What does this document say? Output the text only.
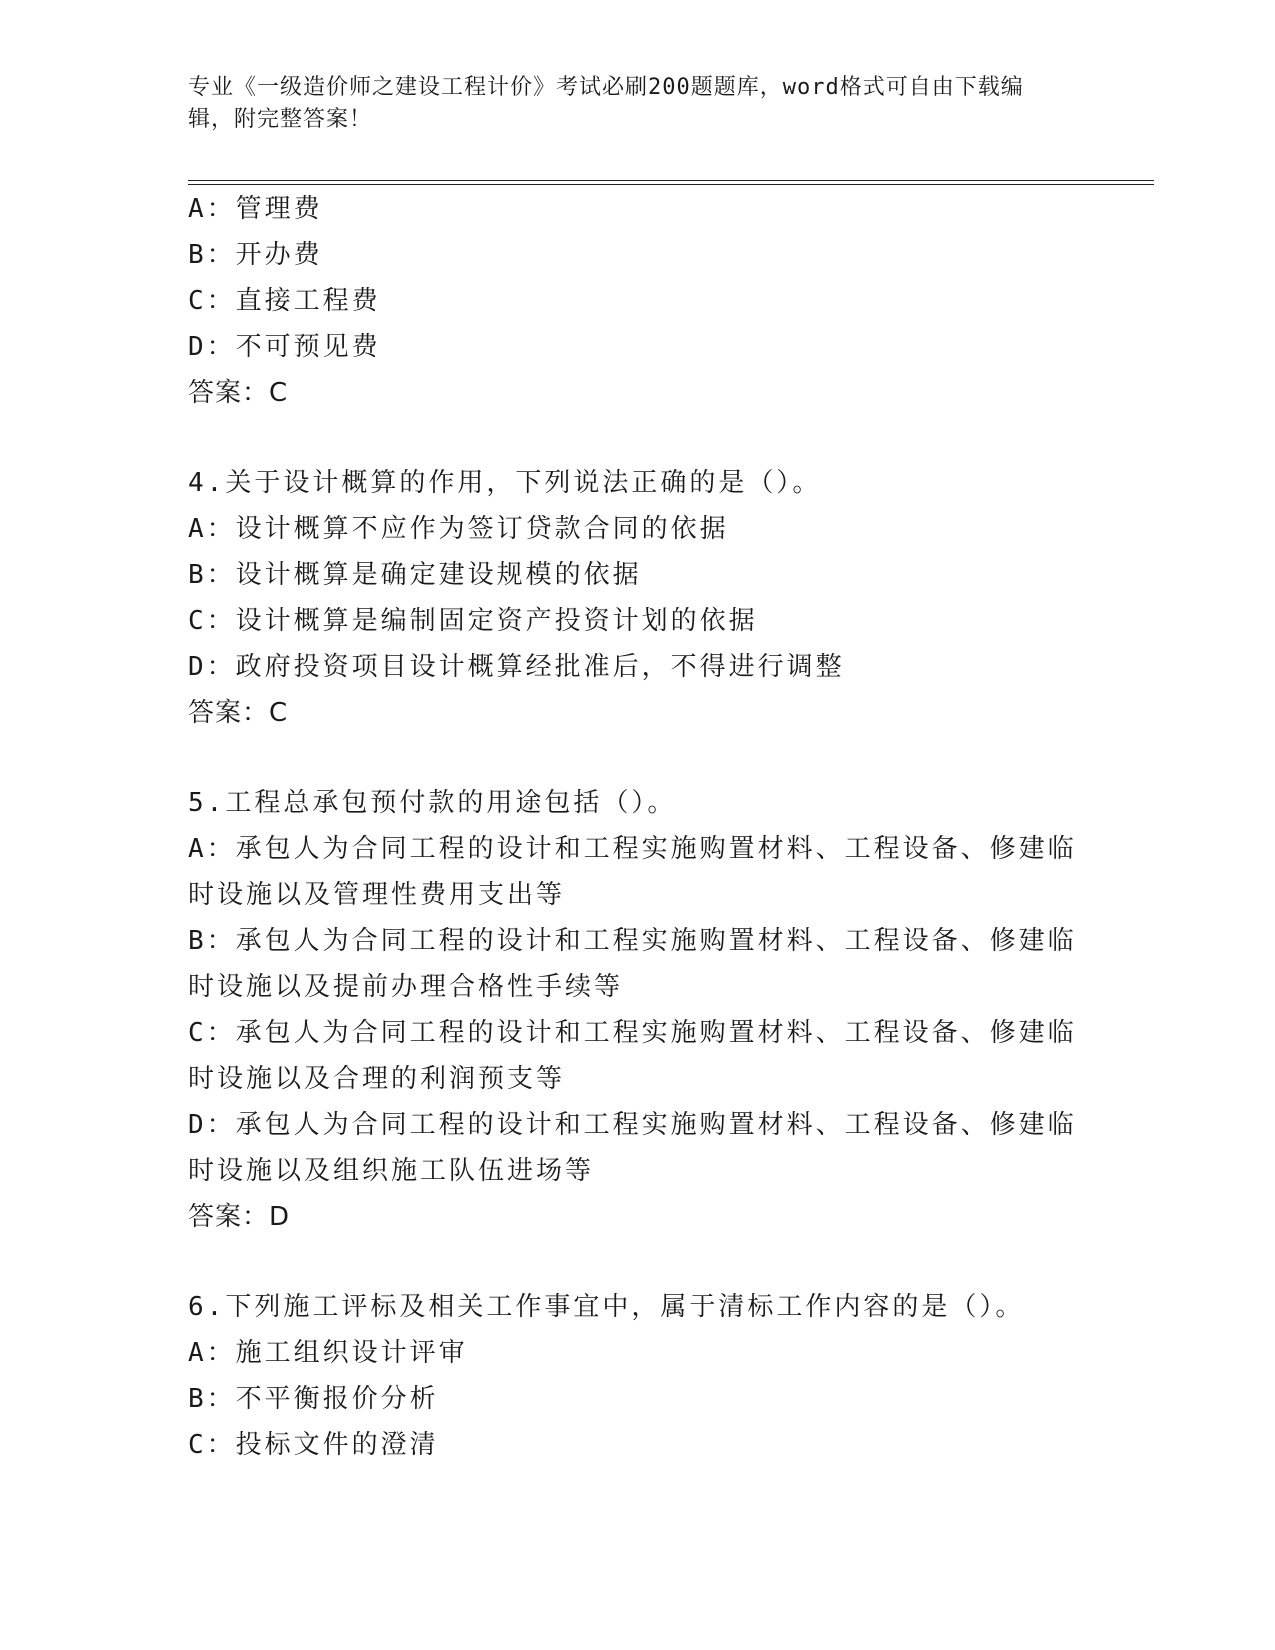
专业《一级造价师之建设工程计价》考试必刷200题题库，word格式可自由下载编辑，附完整答案！
A：管理费
B：开办费
C：直接工程费
D：不可预见费
答案：C
4.关于设计概算的作用，下列说法正确的是（）。
A：设计概算不应作为签订贷款合同的依据
B：设计概算是确定建设规模的依据
C：设计概算是编制固定资产投资计划的依据
D：政府投资项目设计概算经批准后，不得进行调整
答案：C
5.工程总承包预付款的用途包括（）。
A：承包人为合同工程的设计和工程实施购置材料、工程设备、修建临时设施以及管理性费用支出等
B：承包人为合同工程的设计和工程实施购置材料、工程设备、修建临时设施以及提前办理合格性手续等
C：承包人为合同工程的设计和工程实施购置材料、工程设备、修建临时设施以及合理的利润预支等
D：承包人为合同工程的设计和工程实施购置材料、工程设备、修建临时设施以及组织施工队伍进场等
答案：D
6.下列施工评标及相关工作事宜中，属于清标工作内容的是（）。
A：施工组织设计评审
B：不平衡报价分析
C：投标文件的澄清
